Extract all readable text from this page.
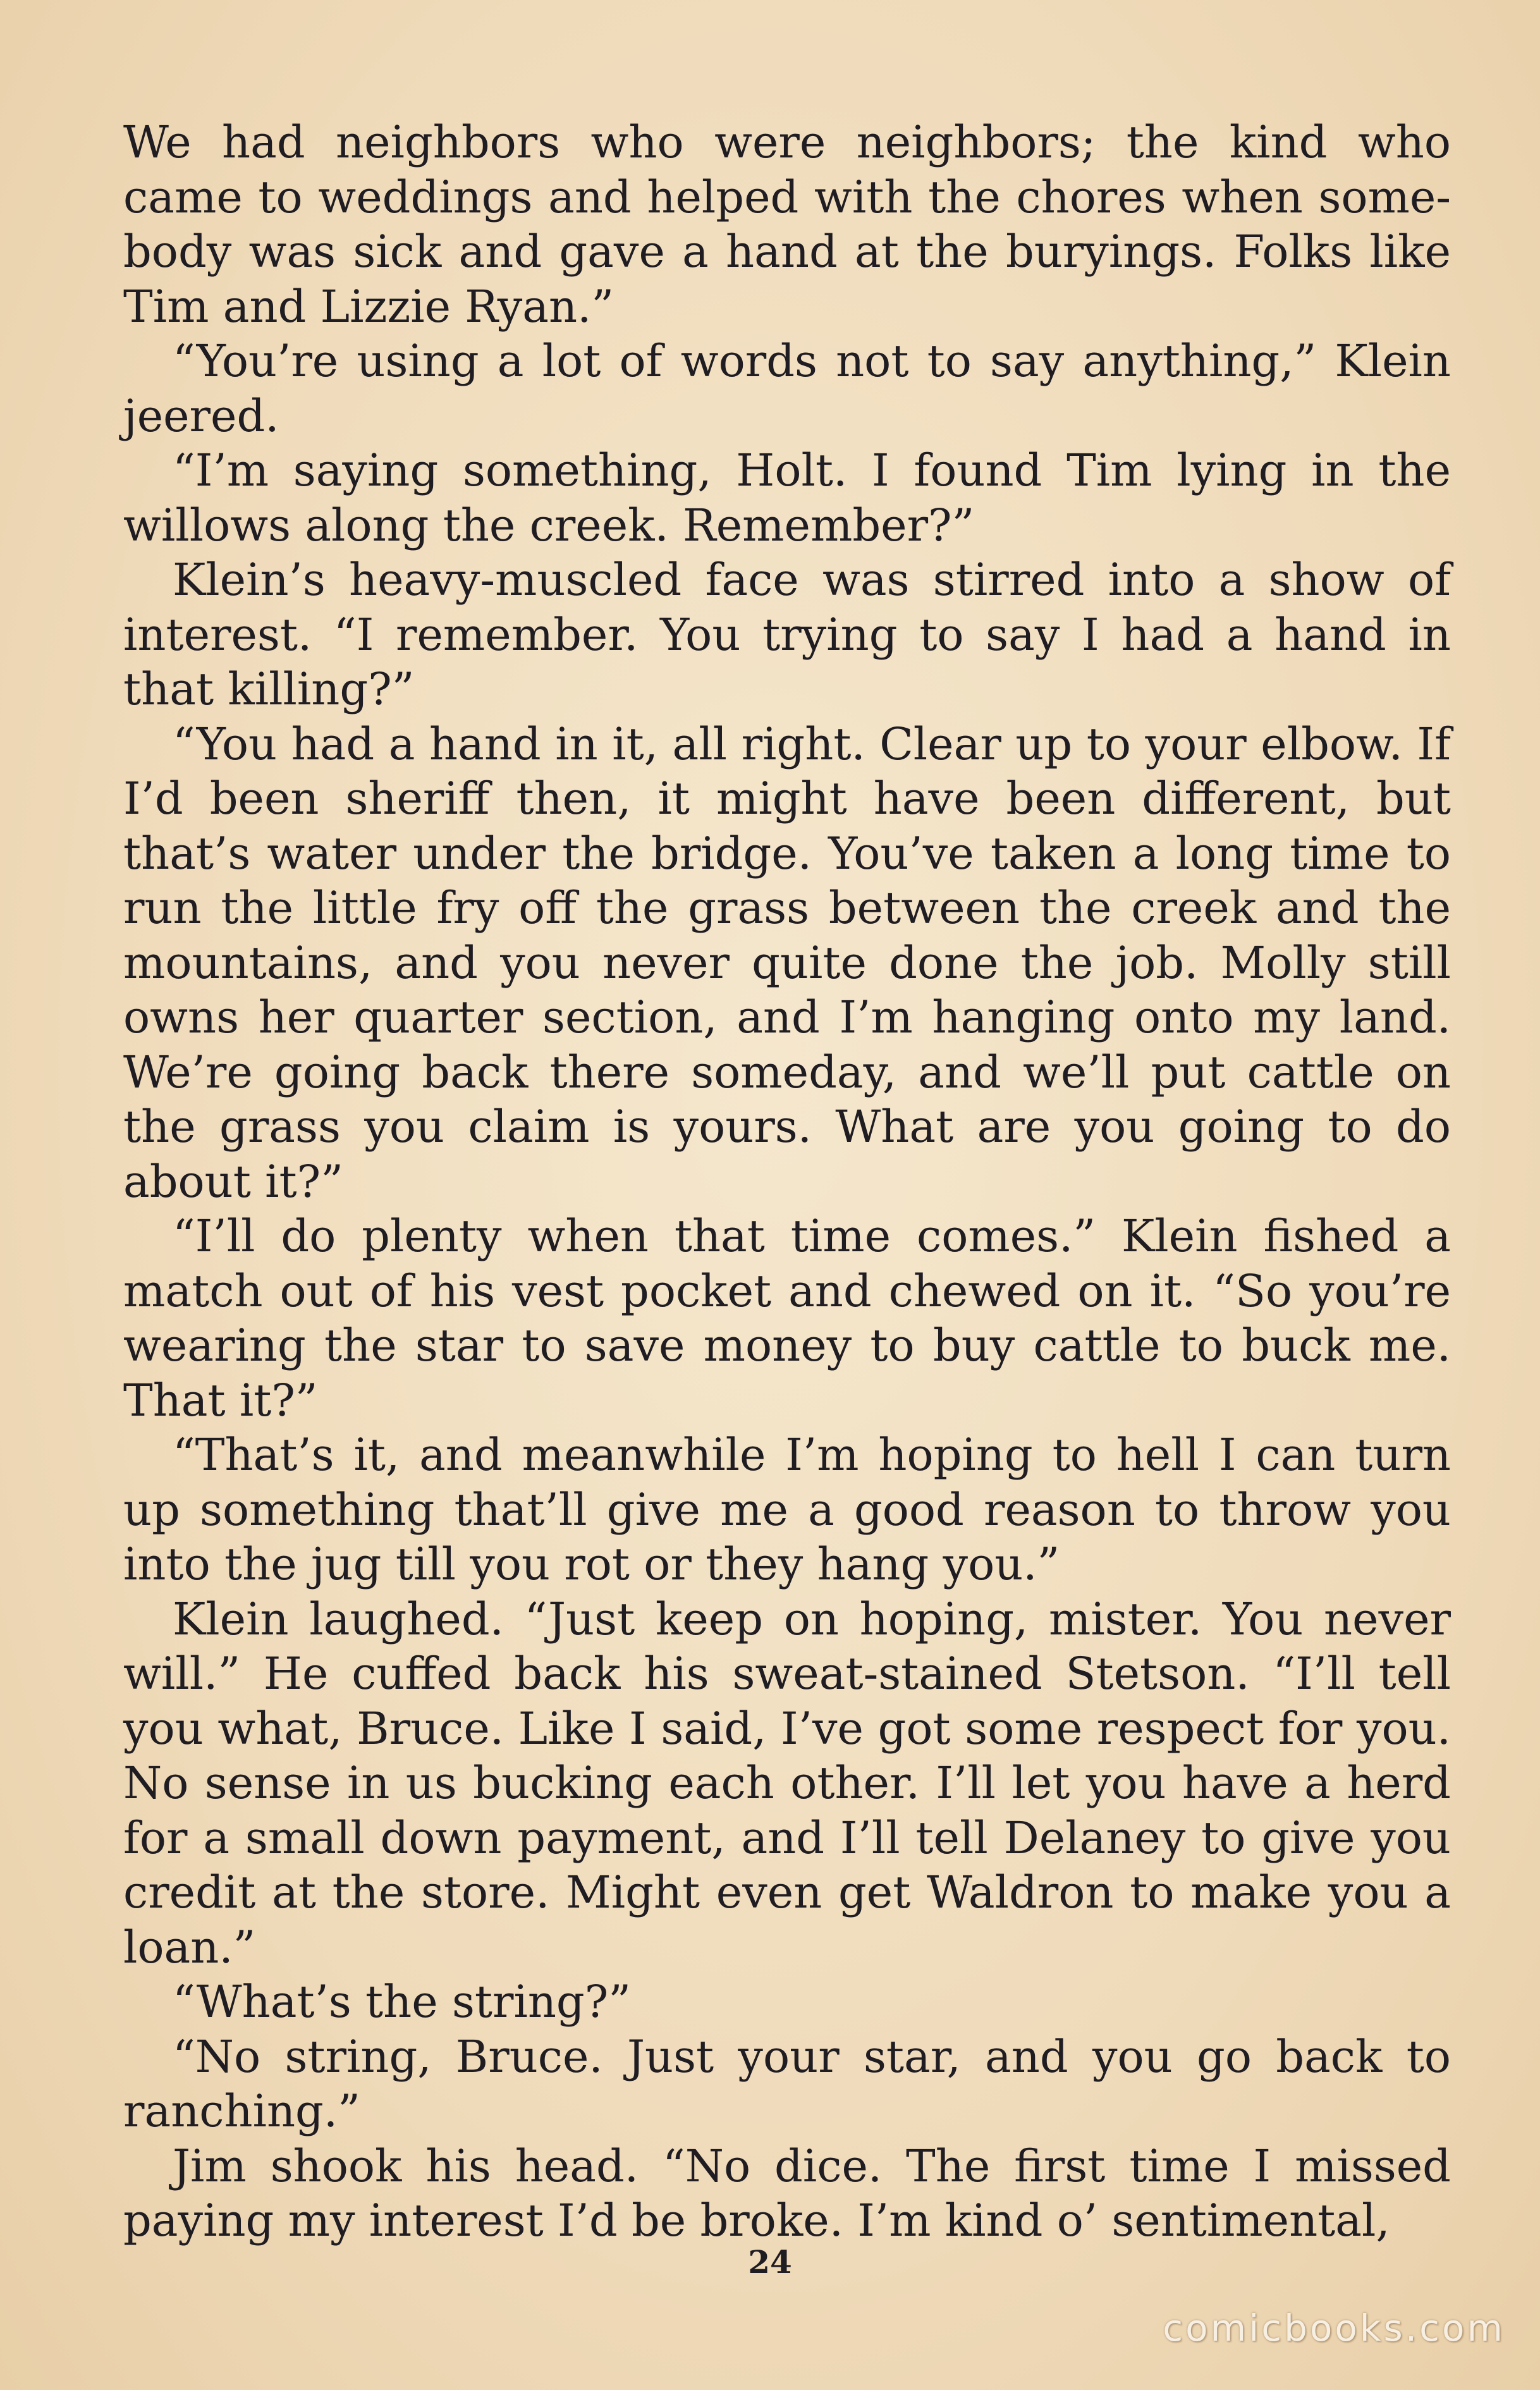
We had neighbors who were neighbors; the kind who came to weddings and helped with the chores when some-body was sick and gave a hand at the buryings. Folks like Tim and Lizzie Ryan.”

“You’re using a lot of words not to say anything,” Klein jeered.

“I’m saying something, Holt. I found Tim lying in the willows along the creek. Remember?”

Klein’s heavy-muscled face was stirred into a show of interest. “I remember. You trying to say I had a hand in that killing?”

“You had a hand in it, all right. Clear up to your elbow. If I’d been sheriff then, it might have been different, but that’s water under the bridge. You’ve taken a long time to run the little fry off the grass between the creek and the mountains, and you never quite done the job. Molly still owns her quarter section, and I’m hanging onto my land. We’re going back there someday, and we’ll put cattle on the grass you claim is yours. What are you going to do about it?”

“I’ll do plenty when that time comes.” Klein fished a match out of his vest pocket and chewed on it. “So you’re wearing the star to save money to buy cattle to buck me. That it?”

“That’s it, and meanwhile I’m hoping to hell I can turn up something that’ll give me a good reason to throw you into the jug till you rot or they hang you.”

Klein laughed. “Just keep on hoping, mister. You never will.” He cuffed back his sweat-stained Stetson. “I’ll tell you what, Bruce. Like I said, I’ve got some respect for you. No sense in us bucking each other. I’ll let you have a herd for a small down payment, and I’ll tell Delaney to give you credit at the store. Might even get Waldron to make you a loan.”

“What’s the string?”

“No string, Bruce. Just your star, and you go back to ranching.”

Jim shook his head. “No dice. The first time I missed paying my interest I’d be broke. I’m kind o’ sentimental,

24
comicbooks.com
